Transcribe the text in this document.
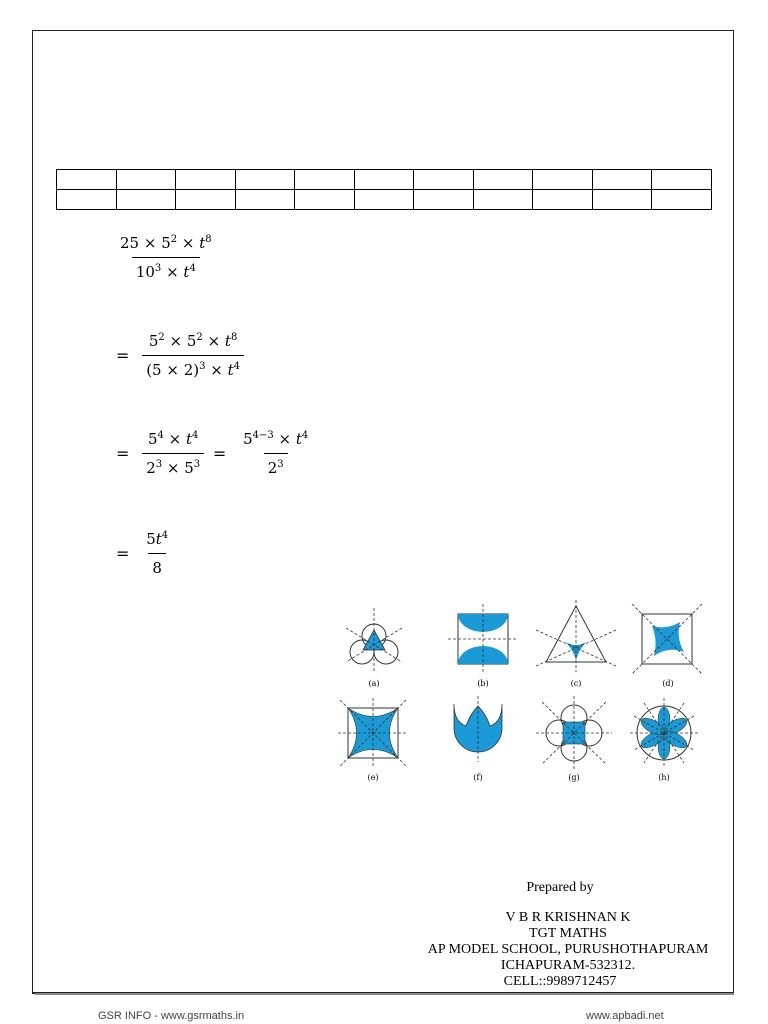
$\frac{25 \times 5^2 \times t^8}{10^3 \times t^4}$
= $\frac{5^2 \times 5^2 \times t^8}{(5 \times 2)^3 \times t^4}$
= $\frac{5^4 \times t^4}{2^3 \times 5^3} = \frac{5^{4-3} \times t^4}{2^3}$
= $\frac{5t^4}{8}$
(a)	(b)	(c)	(d)
(e)	(f)	(g)	(h)
Prepared by
V B R KRISHNAN K
TGT MATHS
AP MODEL SCHOOL, PURUSHOTHAPURAM
ICHAPURAM-532312.
CELL::9989712457
GSR INFO - www.gsrmaths.in	www.apbadi.net
